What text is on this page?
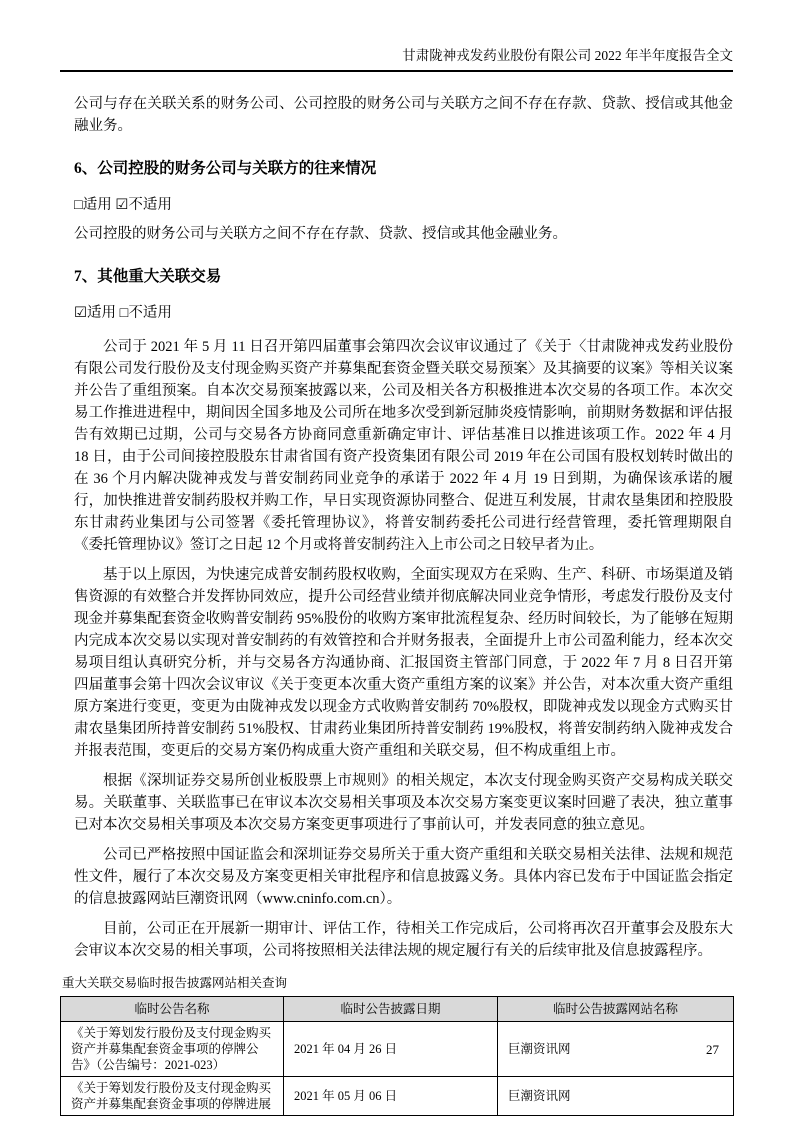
甘肃陇神戎发药业股份有限公司 2022 年半年度报告全文

公司与存在关联关系的财务公司、公司控股的财务公司与关联方之间不存在存款、贷款、授信或其他金融业务。

6、公司控股的财务公司与关联方的往来情况

□适用 ☑不适用

公司控股的财务公司与关联方之间不存在存款、贷款、授信或其他金融业务。

7、其他重大关联交易

☑适用 □不适用

公司于 2021 年 5 月 11 日召开第四届董事会第四次会议审议通过了《关于〈甘肃陇神戎发药业股份有限公司发行股份及支付现金购买资产并募集配套资金暨关联交易预案〉及其摘要的议案》等相关议案并公告了重组预案。自本次交易预案披露以来，公司及相关各方积极推进本次交易的各项工作。本次交易工作推进进程中，期间因全国多地及公司所在地多次受到新冠肺炎疫情影响，前期财务数据和评估报告有效期已过期，公司与交易各方协商同意重新确定审计、评估基准日以推进该项工作。2022 年 4 月 18 日，由于公司间接控股股东甘肃省国有资产投资集团有限公司 2019 年在公司国有股权划转时做出的在 36 个月内解决陇神戎发与普安制药同业竞争的承诺于 2022 年 4 月 19 日到期，为确保该承诺的履行，加快推进普安制药股权并购工作，早日实现资源协同整合、促进互利发展，甘肃农垦集团和控股股东甘肃药业集团与公司签署《委托管理协议》，将普安制药委托公司进行经营管理，委托管理期限自《委托管理协议》签订之日起 12 个月或将普安制药注入上市公司之日较早者为止。

基于以上原因，为快速完成普安制药股权收购，全面实现双方在采购、生产、科研、市场渠道及销售资源的有效整合并发挥协同效应，提升公司经营业绩并彻底解决同业竞争情形，考虑发行股份及支付现金并募集配套资金收购普安制药 95%股份的收购方案审批流程复杂、经历时间较长，为了能够在短期内完成本次交易以实现对普安制药的有效管控和合并财务报表，全面提升上市公司盈利能力，经本次交易项目组认真研究分析，并与交易各方沟通协商、汇报国资主管部门同意，于 2022 年 7 月 8 日召开第四届董事会第十四次会议审议《关于变更本次重大资产重组方案的议案》并公告，对本次重大资产重组原方案进行变更，变更为由陇神戎发以现金方式收购普安制药 70%股权，即陇神戎发以现金方式购买甘肃农垦集团所持普安制药 51%股权、甘肃药业集团所持普安制药 19%股权，将普安制药纳入陇神戎发合并报表范围，变更后的交易方案仍构成重大资产重组和关联交易，但不构成重组上市。

根据《深圳证券交易所创业板股票上市规则》的相关规定，本次支付现金购买资产交易构成关联交易。关联董事、关联监事已在审议本次交易相关事项及本次交易方案变更议案时回避了表决，独立董事已对本次交易相关事项及本次交易方案变更事项进行了事前认可，并发表同意的独立意见。

公司已严格按照中国证监会和深圳证券交易所关于重大资产重组和关联交易相关法律、法规和规范性文件，履行了本次交易及方案变更相关审批程序和信息披露义务。具体内容已发布于中国证监会指定的信息披露网站巨潮资讯网（www.cninfo.com.cn）。

目前，公司正在开展新一期审计、评估工作，待相关工作完成后，公司将再次召开董事会及股东大会审议本次交易的相关事项，公司将按照相关法律法规的规定履行有关的后续审批及信息披露程序。

重大关联交易临时报告披露网站相关查询

临时公告名称	临时公告披露日期	临时公告披露网站名称
《关于筹划发行股份及支付现金购买资产并募集配套资金事项的停牌公告》（公告编号：2021-023）	2021 年 04 月 26 日	巨潮资讯网
《关于筹划发行股份及支付现金购买资产并募集配套资金事项的停牌进展	2021 年 05 月 06 日	巨潮资讯网
27
